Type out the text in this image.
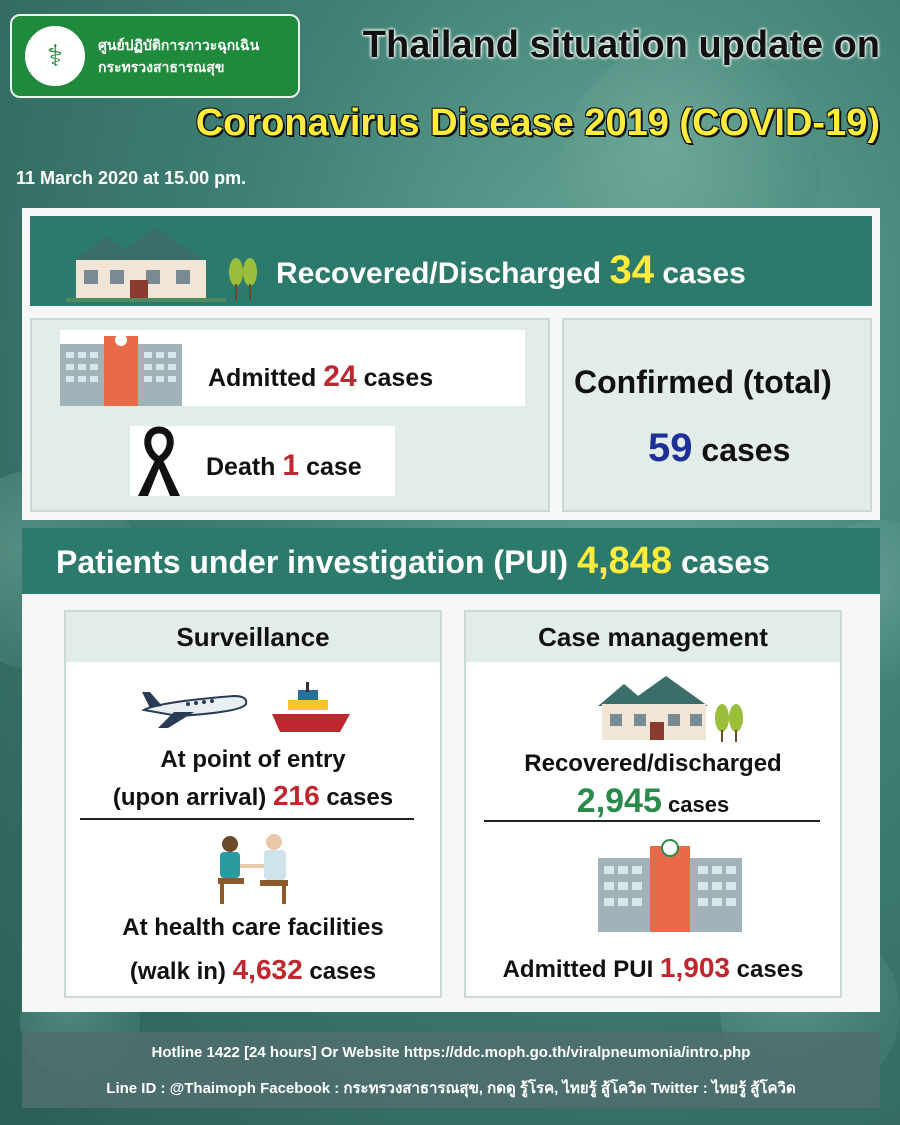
⚕	ศูนย์ปฏิบัติการภาวะฉุกเฉิน
กระทรวงสาธารณสุข
Thailand situation update on
Coronavirus Disease 2019 (COVID-19)
11 March 2020 at 15.00 pm.
Recovered/Discharged 34 cases
Admitted 24 cases
Death 1 case
Confirmed (total)
59 cases
Patients under investigation (PUI) 4,848 cases
Surveillance
At point of entry
(upon arrival) 216 cases
At health care facilities
(walk in) 4,632 cases
Case management
Recovered/discharged
2,945 cases
Admitted PUI 1,903 cases
Hotline 1422 [24 hours] Or Website https://ddc.moph.go.th/viralpneumonia/intro.php
Line ID : @Thaimoph Facebook : กระทรวงสาธารณสุข, กดดู รู้โรค, ไทยรู้ สู้โควิด Twitter : ไทยรู้ สู้โควิด
